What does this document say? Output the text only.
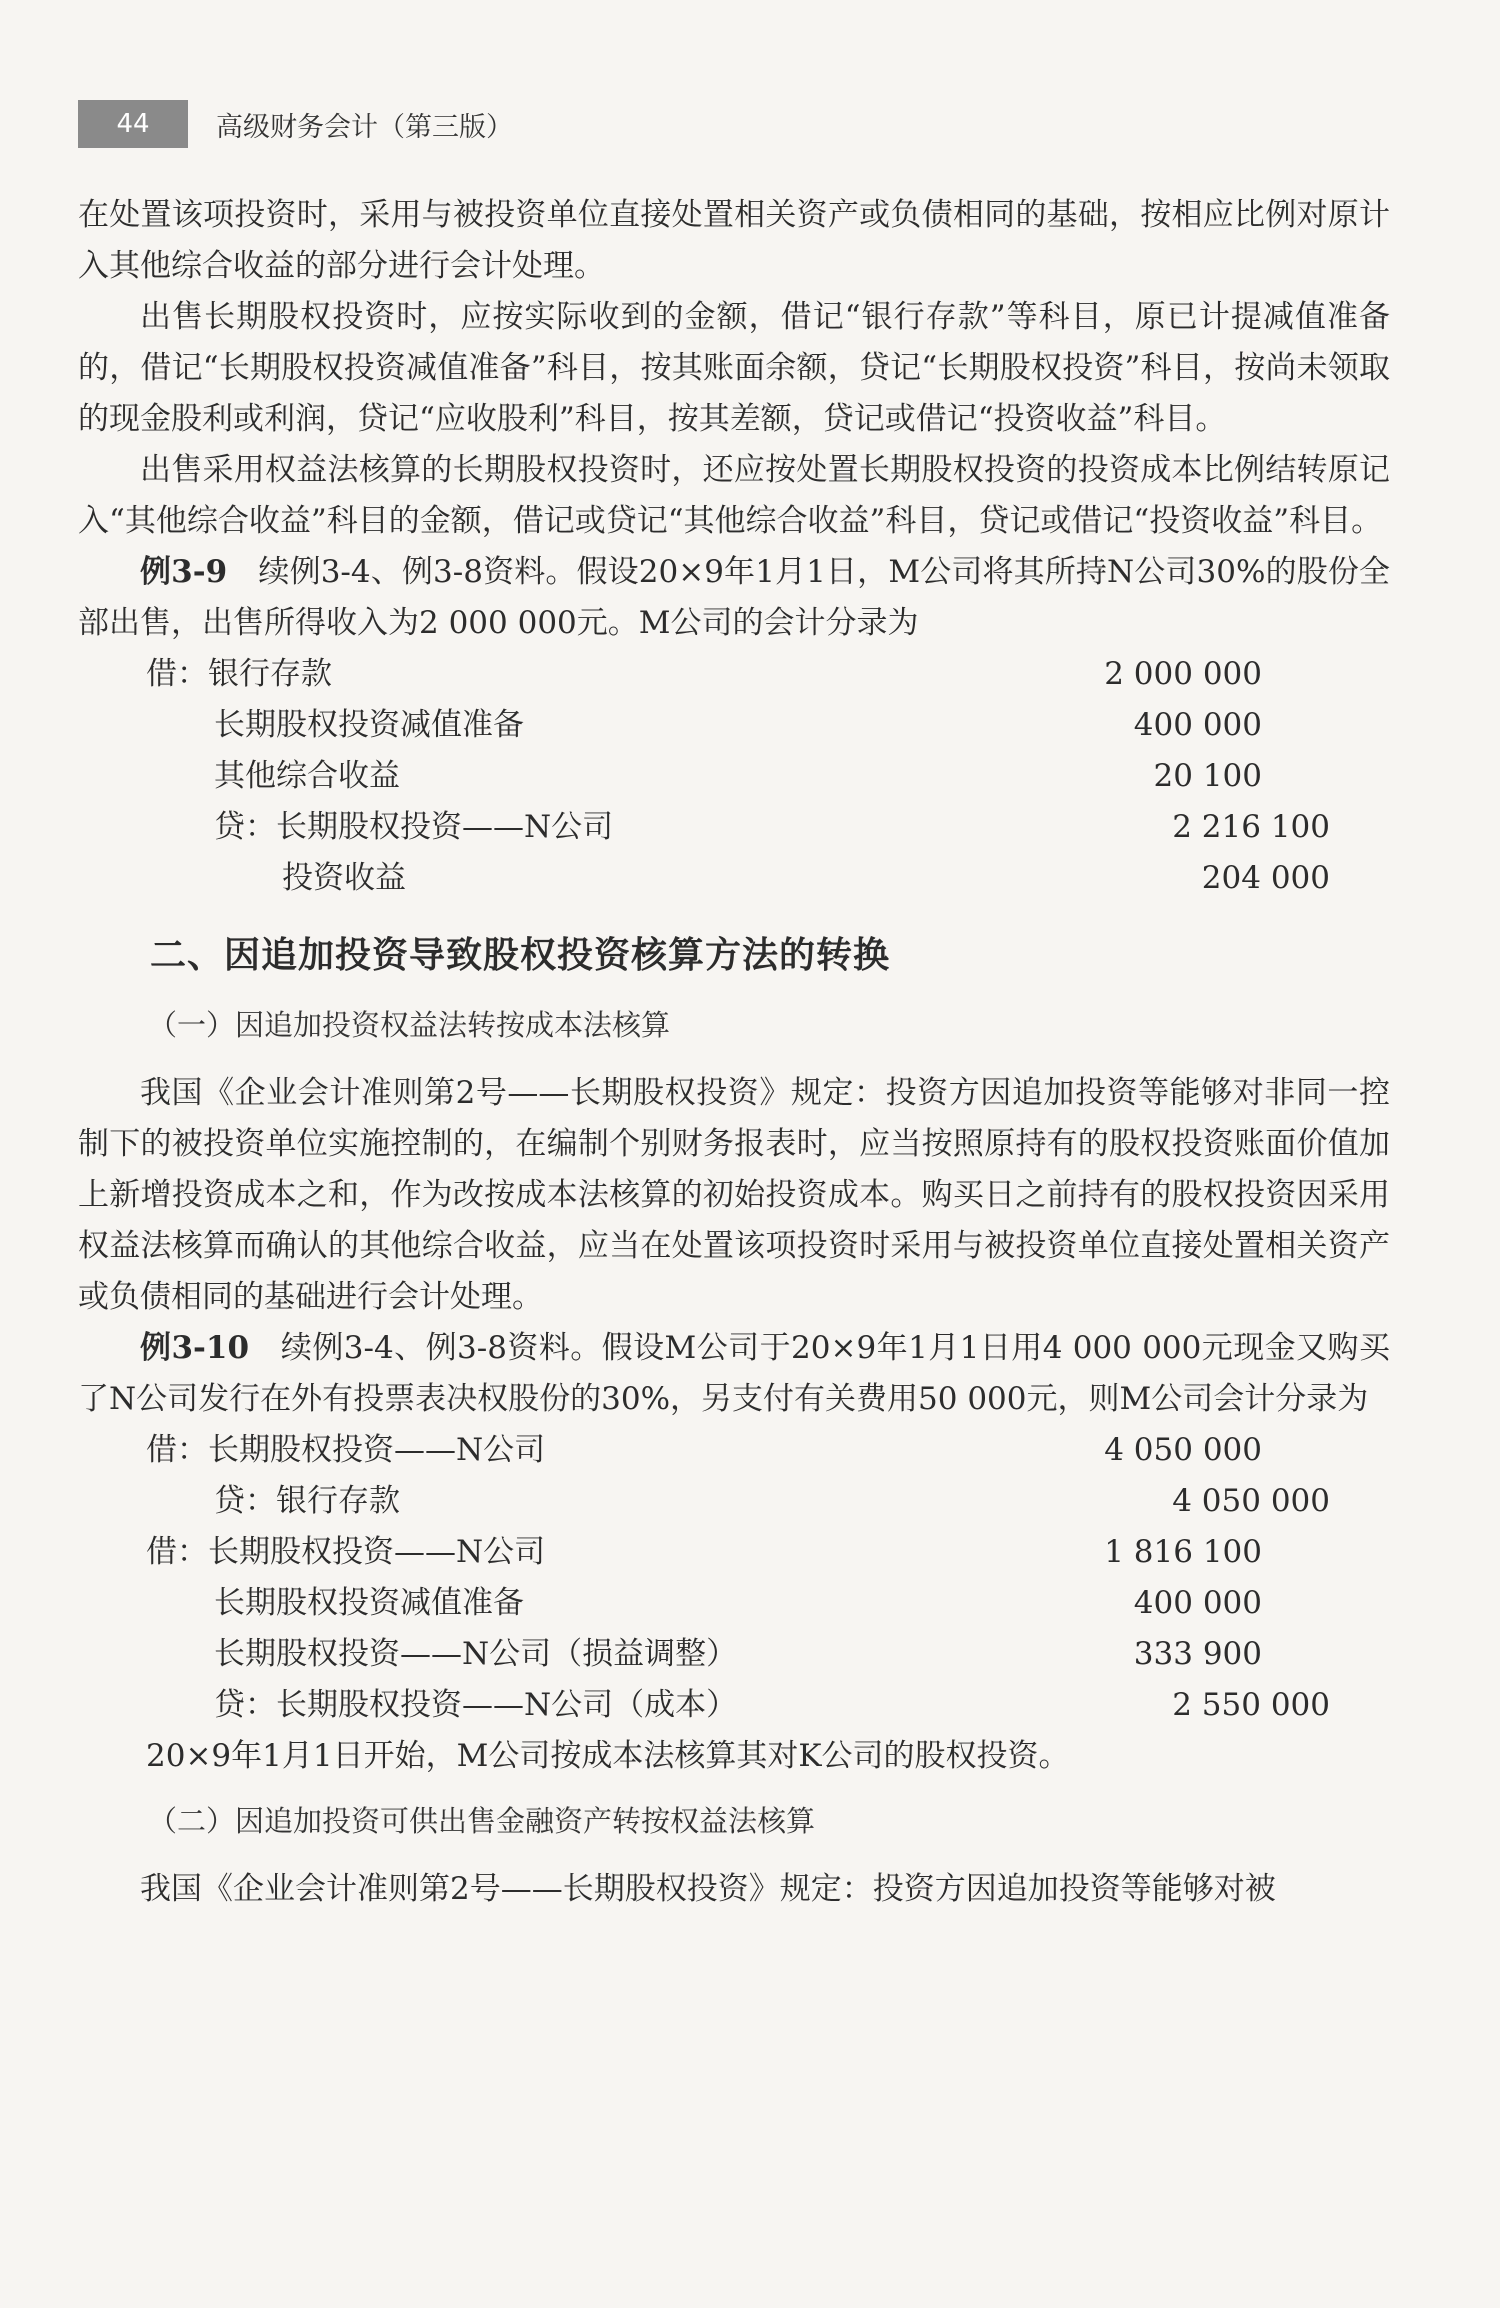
44	高级财务会计（第三版）

在处置该项投资时，采用与被投资单位直接处置相关资产或负债相同的基础，按相应比例对原计入其他综合收益的部分进行会计处理。

出售长期股权投资时，应按实际收到的金额，借记“银行存款”等科目，原已计提减值准备的，借记“长期股权投资减值准备”科目，按其账面余额，贷记“长期股权投资”科目，按尚未领取的现金股利或利润，贷记“应收股利”科目，按其差额，贷记或借记“投资收益”科目。

出售采用权益法核算的长期股权投资时，还应按处置长期股权投资的投资成本比例结转原记入“其他综合收益”科目的金额，借记或贷记“其他综合收益”科目，贷记或借记“投资收益”科目。

例3-9　续例3-4、例3-8资料。假设20×9年1月1日，M公司将其所持N公司30%的股份全部出售，出售所得收入为2 000 000元。M公司的会计分录为

借：银行存款	2 000 000
长期股权投资减值准备	400 000
其他综合收益	20 100
贷：长期股权投资——N公司	2 216 100
投资收益	204 000
二、因追加投资导致股权投资核算方法的转换
（一）因追加投资权益法转按成本法核算

我国《企业会计准则第2号——长期股权投资》规定：投资方因追加投资等能够对非同一控制下的被投资单位实施控制的，在编制个别财务报表时，应当按照原持有的股权投资账面价值加上新增投资成本之和，作为改按成本法核算的初始投资成本。购买日之前持有的股权投资因采用权益法核算而确认的其他综合收益，应当在处置该项投资时采用与被投资单位直接处置相关资产或负债相同的基础进行会计处理。

例3-10　续例3-4、例3-8资料。假设M公司于20×9年1月1日用4 000 000元现金又购买了N公司发行在外有投票表决权股份的30%，另支付有关费用50 000元，则M公司会计分录为

借：长期股权投资——N公司	4 050 000
贷：银行存款	4 050 000
借：长期股权投资——N公司	1 816 100
长期股权投资减值准备	400 000
长期股权投资——N公司（损益调整）	333 900
贷：长期股权投资——N公司（成本）	2 550 000

20×9年1月1日开始，M公司按成本法核算其对K公司的股权投资。

（二）因追加投资可供出售金融资产转按权益法核算

我国《企业会计准则第2号——长期股权投资》规定：投资方因追加投资等能够对被
